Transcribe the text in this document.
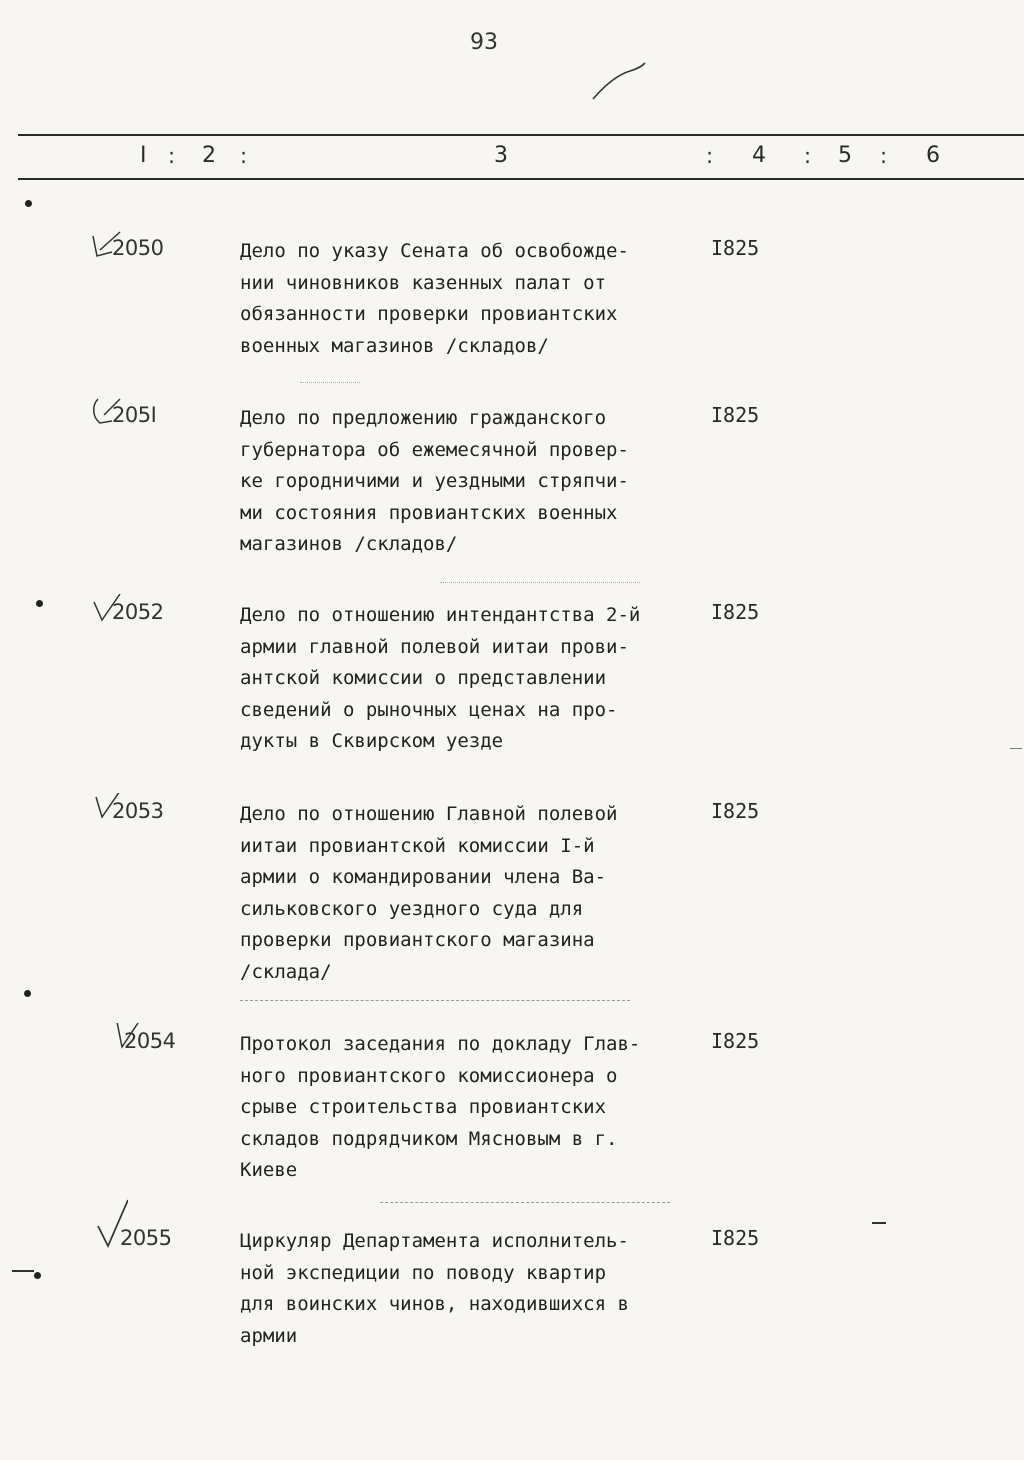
93
I : 2 :	3	: 4 : 5 : 6
2050	Дело по указу Сената об освобожде-
нии чиновников казенных палат от
обязанности проверки провиантских
военных магазинов /складов/
I825
205I	Дело по предложению гражданского
губернатора об ежемесячной провер-
ке городничими и уездными стряпчи-
ми состояния провиантских военных
магазинов /складов/
I825
2052	Дело по отношению интендантства 2-й
армии главной полевой иитаи прови-
антской комиссии о представлении
сведений о рыночных ценах на про-
дукты в Сквирском уезде
I825
2053	Дело по отношению Главной полевой
иитаи провиантской комиссии I-й
армии о командировании члена Ва-
сильковского уездного суда для
проверки провиантского магазина
/склада/
I825
2054	Протокол заседания по докладу Глав-
ного провиантского комиссионера о
срыве строительства провиантских
складов подрядчиком Мясновым в г.
Киеве
I825
2055	Циркуляр Департамента исполнитель-
ной экспедиции по поводу квартир
для воинских чинов, находившихся в
армии
I825
